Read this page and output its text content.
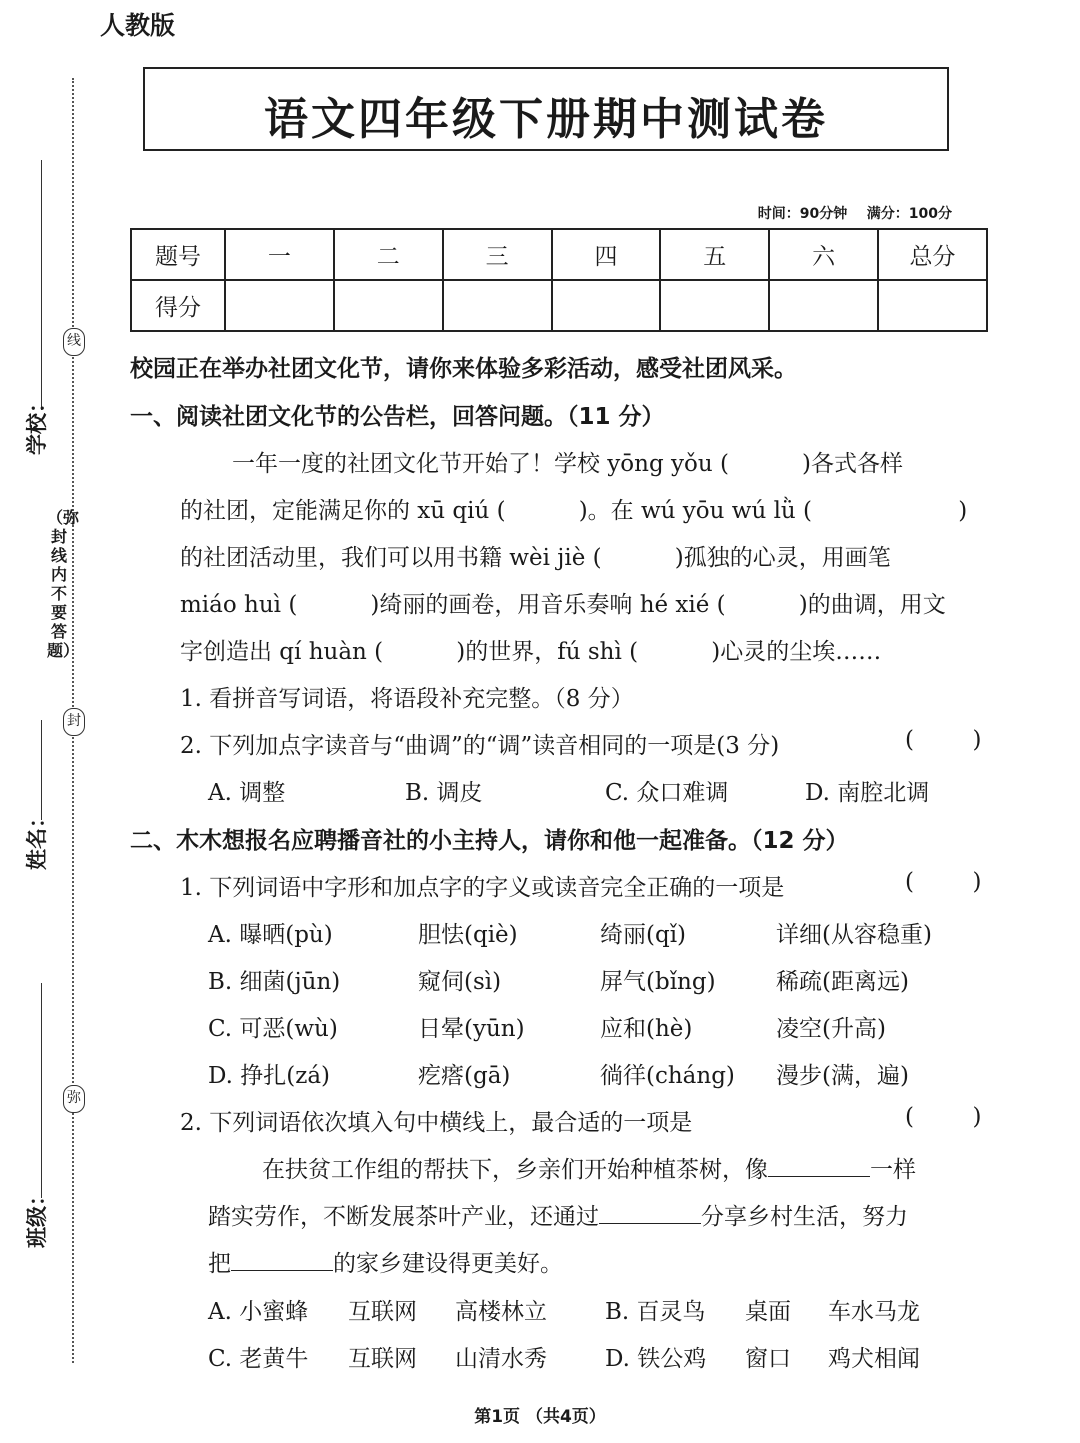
人教版
语文四年级下册期中测试卷
时间：90分钟 满分：100分
题号	一	二	三	四	五	六	总分
得分							
学校：
姓名：
班级：
线
封
弥
（弥封线内不要答题）
校园正在举办社团文化节，请你来体验多彩活动，感受社团风采。
一、阅读社团文化节的公告栏，回答问题。（11 分）
一年一度的社团文化节开始了！学校 yōng yǒu (          )各式各样
的社团，定能满足你的 xū qiú (          )。在 wú yōu wú lǜ (                    )
的社团活动里，我们可以用书籍 wèi jiè (          )孤独的心灵，用画笔
miáo huì (          )绮丽的画卷，用音乐奏响 hé xié (          )的曲调，用文
字创造出 qí huàn (          )的世界，fú shì (          )心灵的尘埃……
1. 看拼音写词语，将语段补充完整。（8 分）
2. 下列加点字读音与“曲调”的“调”读音相同的一项是(3 分)	(        )
A. 调整	B. 调皮	C. 众口难调	D. 南腔北调
二、木木想报名应聘播音社的小主持人，请你和他一起准备。（12 分）
1. 下列词语中字形和加点字的字义或读音完全正确的一项是	(        )
A. 曝晒(pù)	胆怯(qiè)	绮丽(qǐ)	详细(从容稳重)
B. 细菌(jūn)	窥伺(sì)	屏气(bǐng)	稀疏(距离远)
C. 可恶(wù)	日晕(yūn)	应和(hè)	凌空(升高)
D. 挣扎(zá)	疙瘩(gā)	徜徉(cháng) 漫步(满，遍)
2. 下列词语依次填入句中横线上，最合适的一项是	(        )
在扶贫工作组的帮扶下，乡亲们开始种植茶树，像	一样
踏实劳作，不断发展茶叶产业，还通过	分享乡村生活，努力
把	的家乡建设得更美好。
A. 小蜜蜂 互联网 高楼林立	B. 百灵鸟 桌面 车水马龙
C. 老黄牛 互联网 山清水秀	D. 铁公鸡 窗口 鸡犬相闻
第1页 （共4页）
